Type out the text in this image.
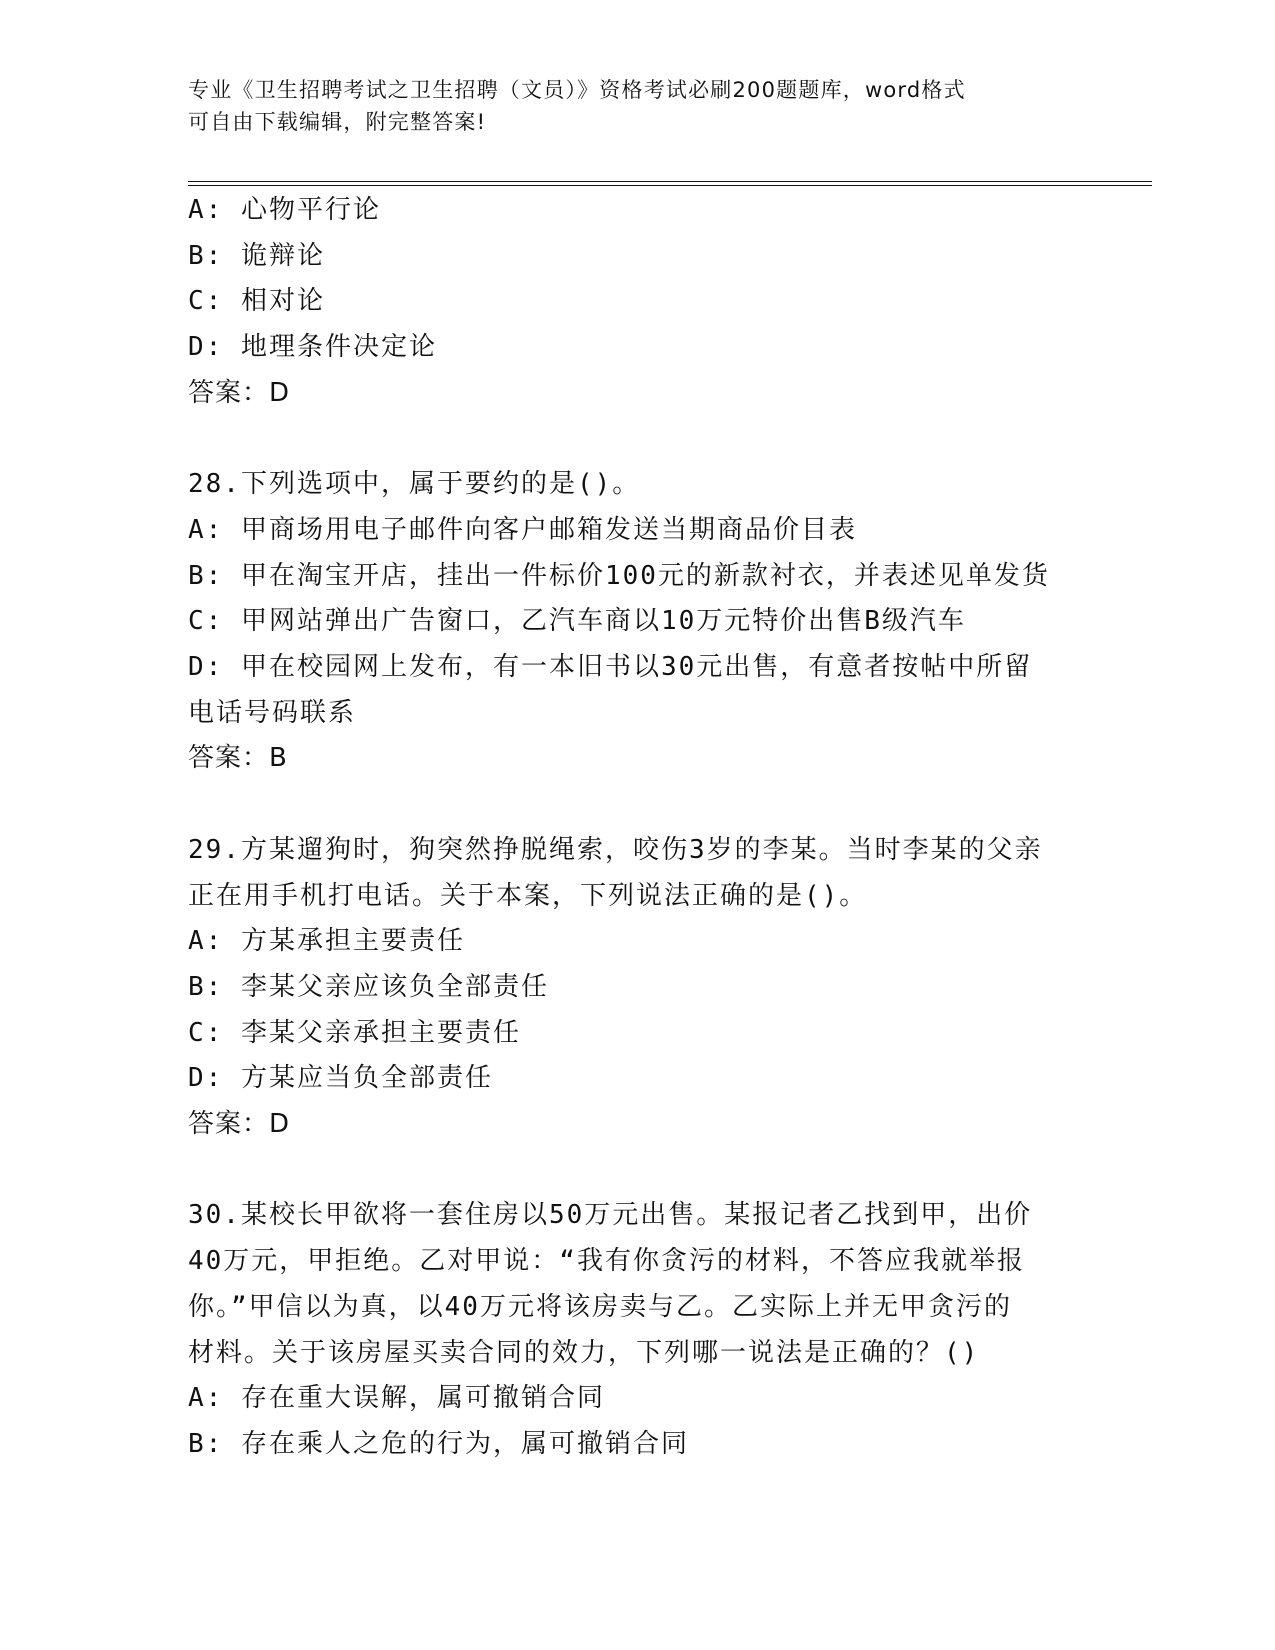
专业《卫生招聘考试之卫生招聘（文员）》资格考试必刷200题题库，word格式
可自由下载编辑，附完整答案!
A: 心物平行论
B: 诡辩论
C: 相对论
D: 地理条件决定论
答案：D
28.下列选项中，属于要约的是()。
A: 甲商场用电子邮件向客户邮箱发送当期商品价目表
B: 甲在淘宝开店，挂出一件标价100元的新款衬衣，并表述见单发货
C: 甲网站弹出广告窗口，乙汽车商以10万元特价出售B级汽车
D: 甲在校园网上发布，有一本旧书以30元出售，有意者按帖中所留
电话号码联系
答案：B
29.方某遛狗时，狗突然挣脱绳索，咬伤3岁的李某。当时李某的父亲
正在用手机打电话。关于本案，下列说法正确的是()。
A: 方某承担主要责任
B: 李某父亲应该负全部责任
C: 李某父亲承担主要责任
D: 方某应当负全部责任
答案：D
30.某校长甲欲将一套住房以50万元出售。某报记者乙找到甲，出价
40万元，甲拒绝。乙对甲说：“我有你贪污的材料，不答应我就举报
你。”甲信以为真，以40万元将该房卖与乙。乙实际上并无甲贪污的
材料。关于该房屋买卖合同的效力，下列哪一说法是正确的？()
A: 存在重大误解，属可撤销合同
B: 存在乘人之危的行为，属可撤销合同
